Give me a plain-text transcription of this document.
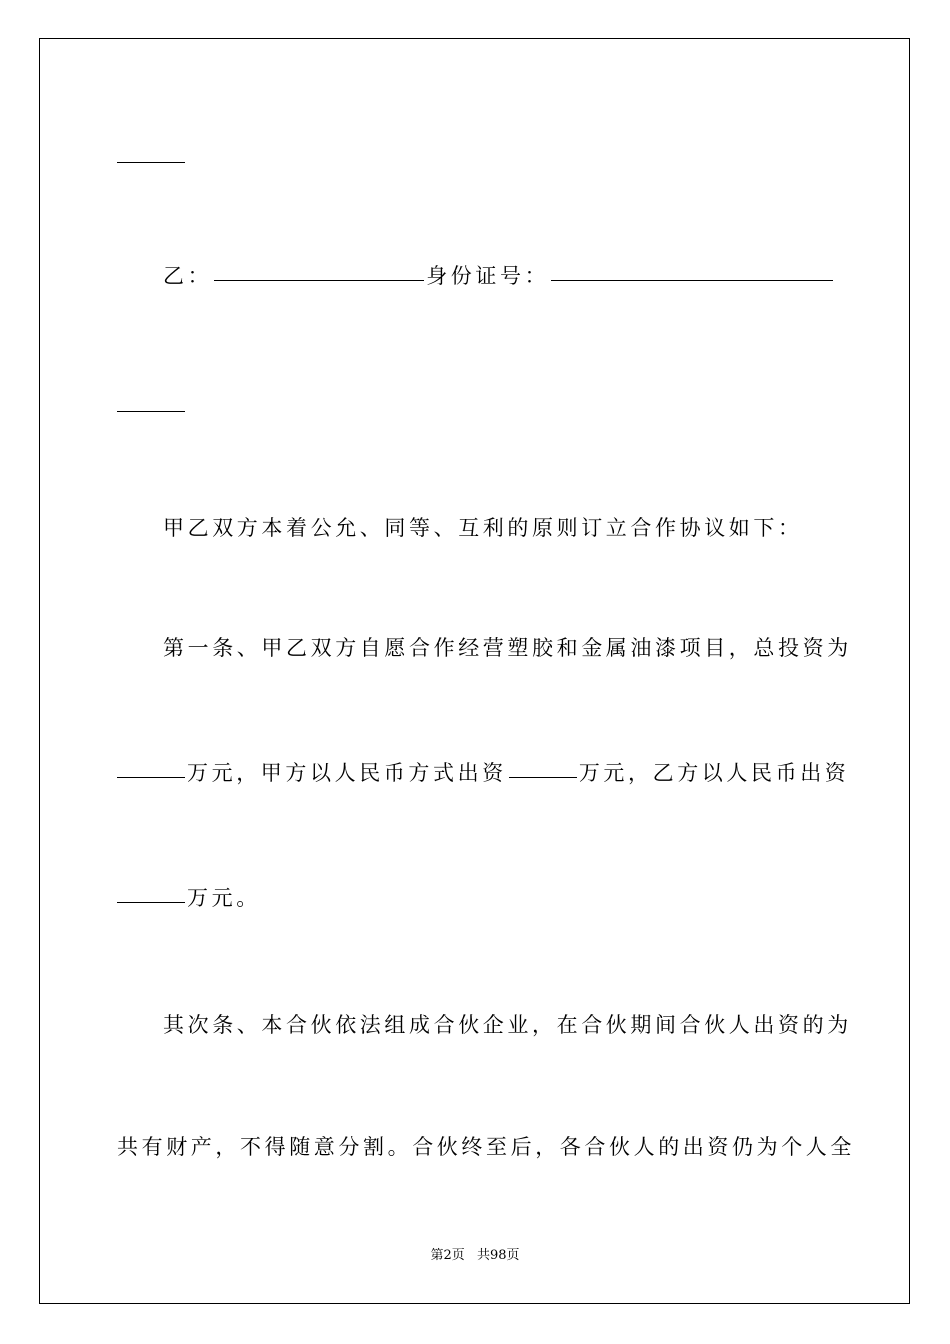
乙：	身份证号：
甲乙双方本着公允、同等、互利的原则订立合作协议如下：
第一条、甲乙双方自愿合作经营塑胶和金属油漆项目，总投资为
万元，甲方以人民币方式出资	万元，乙方以人民币出资
万元。
其次条、本合伙依法组成合伙企业，在合伙期间合伙人出资的为
共有财产，不得随意分割。合伙终至后，各合伙人的出资仍为个人全
第2页 共98页
